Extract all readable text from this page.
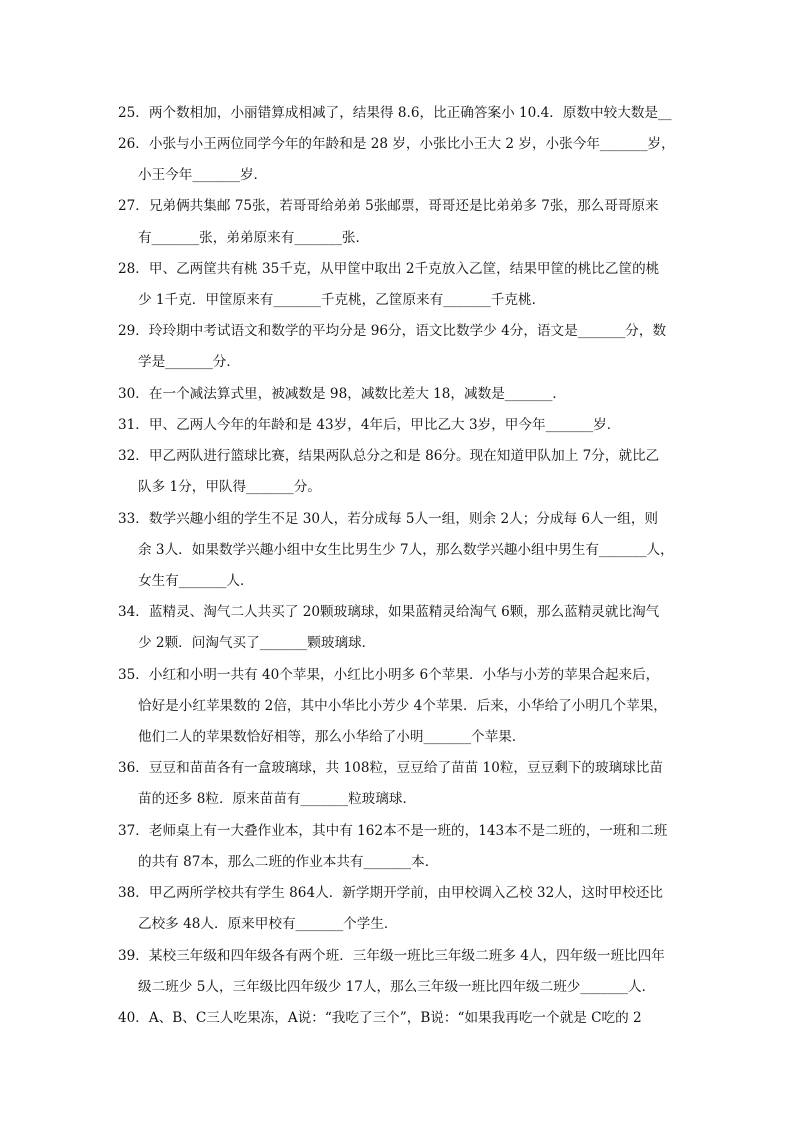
25．两个数相加，小丽错算成相减了，结果得 8.6，比正确答案小 10.4．原数中较大数是__
26．小张与小王两位同学今年的年龄和是 28 岁，小张比小王大 2 岁，小张今年_______岁，
小王今年_______岁．
27．兄弟俩共集邮 75张，若哥哥给弟弟 5张邮票，哥哥还是比弟弟多 7张，那么哥哥原来
有_______张，弟弟原来有_______张．
28．甲、乙两筐共有桃 35千克，从甲筐中取出 2千克放入乙筐，结果甲筐的桃比乙筐的桃
少 1千克．甲筐原来有_______千克桃，乙筐原来有_______千克桃．
29．玲玲期中考试语文和数学的平均分是 96分，语文比数学少 4分，语文是_______分，数
学是_______分．
30．在一个减法算式里，被减数是 98，减数比差大 18，减数是_______．
31．甲、乙两人今年的年龄和是 43岁，4年后，甲比乙大 3岁，甲今年_______岁．
32．甲乙两队进行篮球比赛，结果两队总分之和是 86分。现在知道甲队加上 7分，就比乙
队多 1分，甲队得_______分。
33．数学兴趣小组的学生不足 30人，若分成每 5人一组，则余 2人；分成每 6人一组，则
余 3人．如果数学兴趣小组中女生比男生少 7人，那么数学兴趣小组中男生有_______人，
女生有_______人．
34．蓝精灵、淘气二人共买了 20颗玻璃球，如果蓝精灵给淘气 6颗，那么蓝精灵就比淘气
少 2颗．问淘气买了_______颗玻璃球．
35．小红和小明一共有 40个苹果，小红比小明多 6个苹果．小华与小芳的苹果合起来后，
恰好是小红苹果数的 2倍，其中小华比小芳少 4个苹果．后来，小华给了小明几个苹果，
他们二人的苹果数恰好相等，那么小华给了小明_______个苹果．
36．豆豆和苗苗各有一盒玻璃球，共 108粒，豆豆给了苗苗 10粒，豆豆剩下的玻璃球比苗
苗的还多 8粒．原来苗苗有_______粒玻璃球．
37．老师桌上有一大叠作业本，其中有 162本不是一班的，143本不是二班的，一班和二班
的共有 87本，那么二班的作业本共有_______本．
38．甲乙两所学校共有学生 864人．新学期开学前，由甲校调入乙校 32人，这时甲校还比
乙校多 48人．原来甲校有_______个学生．
39．某校三年级和四年级各有两个班．三年级一班比三年级二班多 4人，四年级一班比四年
级二班少 5人，三年级比四年级少 17人，那么三年级一班比四年级二班少_______人．
40．A、B、C三人吃果冻，A说：“我吃了三个”，B说：“如果我再吃一个就是 C吃的 2
